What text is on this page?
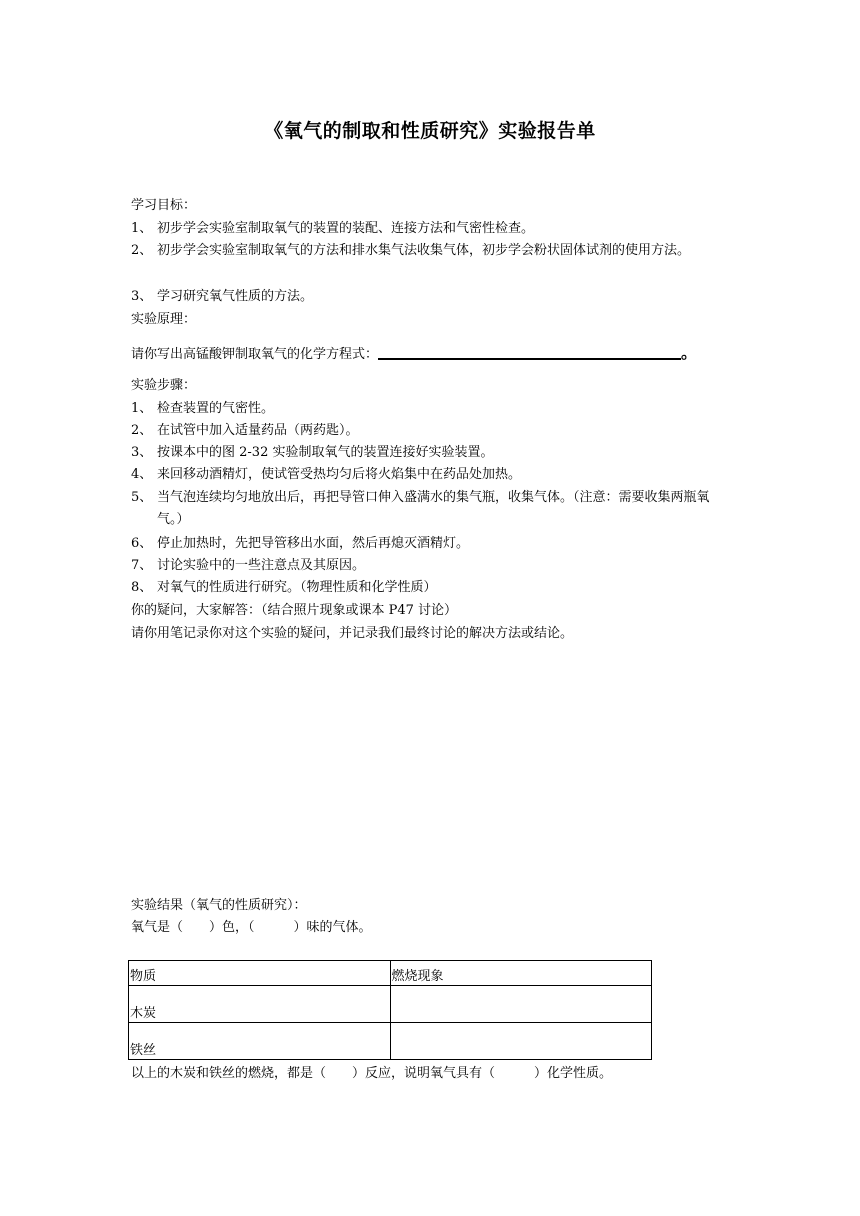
《氧气的制取和性质研究》实验报告单
学习目标：
1、 初步学会实验室制取氧气的装置的装配、连接方法和气密性检查。
2、 初步学会实验室制取氧气的方法和排水集气法收集气体，初步学会粉状固体试剂的使用方法。
3、 学习研究氧气性质的方法。
实验原理：
请你写出高锰酸钾制取氧气的化学方程式：	。
实验步骤：
1、 检查装置的气密性。
2、 在试管中加入适量药品（两药匙）。
3、 按课本中的图 2-32 实验制取氧气的装置连接好实验装置。
4、 来回移动酒精灯，使试管受热均匀后将火焰集中在药品处加热。
5、 当气泡连续均匀地放出后，再把导管口伸入盛满水的集气瓶，收集气体。（注意：需要收集两瓶氧气。）
6、 停止加热时，先把导管移出水面，然后再熄灭酒精灯。
7、 讨论实验中的一些注意点及其原因。
8、 对氧气的性质进行研究。（物理性质和化学性质）
你的疑问，大家解答：（结合照片现象或课本 P47 讨论）
请你用笔记录你对这个实验的疑问，并记录我们最终讨论的解决方法或结论。
实验结果（氧气的性质研究）：
氧气是（　　）色，（　　　）味的气体。
物质	燃烧现象
木炭	
铁丝	
以上的木炭和铁丝的燃烧，都是（　　）反应，说明氧气具有（　　　）化学性质。
